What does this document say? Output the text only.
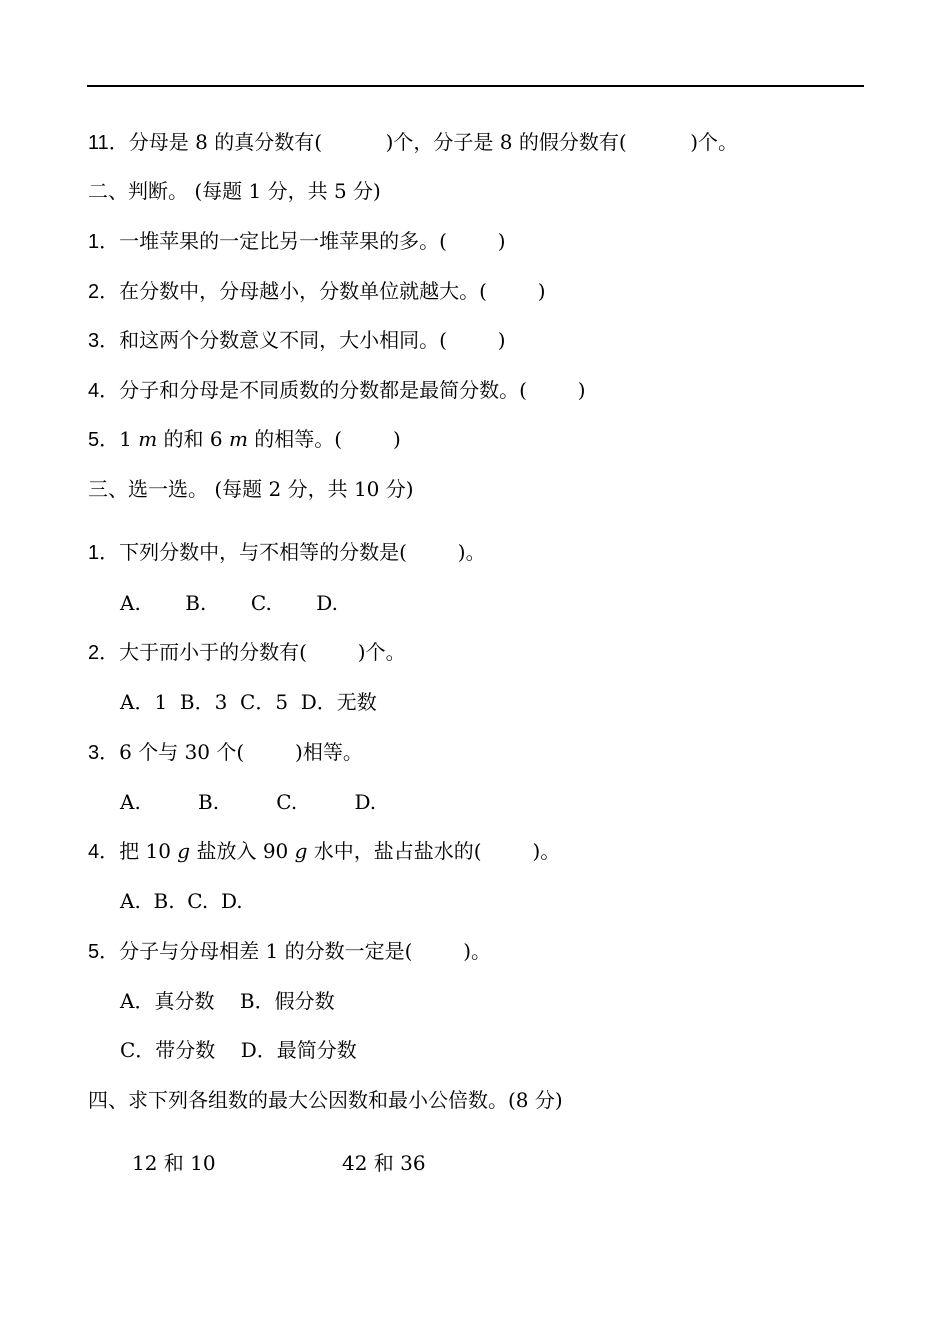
11．分母是 8 的真分数有(          )个，分子是 8 的假分数有(          )个。
二、判断。 (每题 1 分，共 5 分)
1．一堆苹果的一定比另一堆苹果的多。(        )
2．在分数中，分母越小，分数单位就越大。(        )
3．和这两个分数意义不同，大小相同。(        )
4．分子和分母是不同质数的分数都是最简分数。(        )
5．1 m 的和 6 m 的相等。(        )
三、选一选。 (每题 2 分，共 10 分)
1．下列分数中，与不相等的分数是(        )。
A.       B.       C.       D.
2．大于而小于的分数有(        )个。
A．1  B．3  C．5  D．无数
3．6 个与 30 个(        )相等。
A.         B.         C.         D.
4．把 10 g 盐放入 90 g 水中，盐占盐水的(        )。
A.  B.  C.  D.
5．分子与分母相差 1 的分数一定是(        )。
A．真分数    B．假分数
C．带分数    D．最简分数
四、求下列各组数的最大公因数和最小公倍数。(8 分)
12 和 10	42 和 36
